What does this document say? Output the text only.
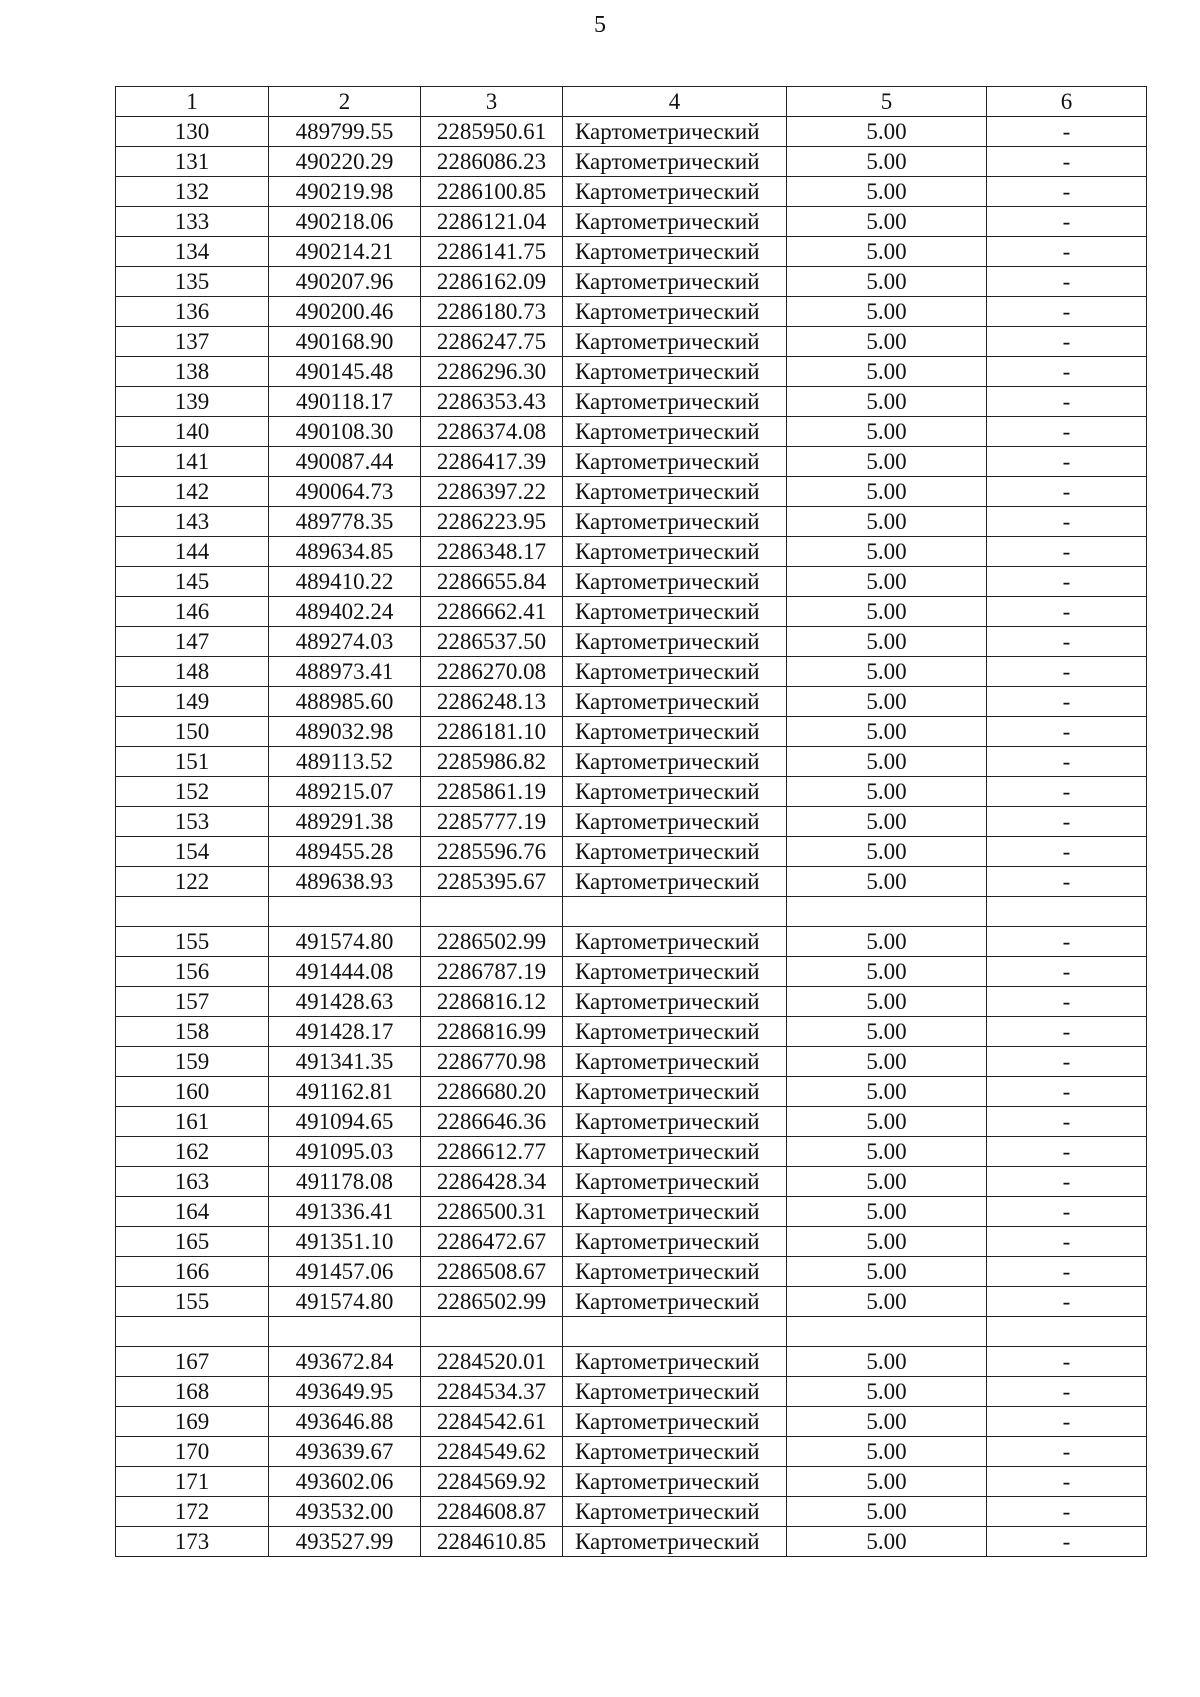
5
1	2	3	4	5	6
130	489799.55	2285950.61	Картометрический	5.00	-
131	490220.29	2286086.23	Картометрический	5.00	-
132	490219.98	2286100.85	Картометрический	5.00	-
133	490218.06	2286121.04	Картометрический	5.00	-
134	490214.21	2286141.75	Картометрический	5.00	-
135	490207.96	2286162.09	Картометрический	5.00	-
136	490200.46	2286180.73	Картометрический	5.00	-
137	490168.90	2286247.75	Картометрический	5.00	-
138	490145.48	2286296.30	Картометрический	5.00	-
139	490118.17	2286353.43	Картометрический	5.00	-
140	490108.30	2286374.08	Картометрический	5.00	-
141	490087.44	2286417.39	Картометрический	5.00	-
142	490064.73	2286397.22	Картометрический	5.00	-
143	489778.35	2286223.95	Картометрический	5.00	-
144	489634.85	2286348.17	Картометрический	5.00	-
145	489410.22	2286655.84	Картометрический	5.00	-
146	489402.24	2286662.41	Картометрический	5.00	-
147	489274.03	2286537.50	Картометрический	5.00	-
148	488973.41	2286270.08	Картометрический	5.00	-
149	488985.60	2286248.13	Картометрический	5.00	-
150	489032.98	2286181.10	Картометрический	5.00	-
151	489113.52	2285986.82	Картометрический	5.00	-
152	489215.07	2285861.19	Картометрический	5.00	-
153	489291.38	2285777.19	Картометрический	5.00	-
154	489455.28	2285596.76	Картометрический	5.00	-
122	489638.93	2285395.67	Картометрический	5.00	-

155	491574.80	2286502.99	Картометрический	5.00	-
156	491444.08	2286787.19	Картометрический	5.00	-
157	491428.63	2286816.12	Картометрический	5.00	-
158	491428.17	2286816.99	Картометрический	5.00	-
159	491341.35	2286770.98	Картометрический	5.00	-
160	491162.81	2286680.20	Картометрический	5.00	-
161	491094.65	2286646.36	Картометрический	5.00	-
162	491095.03	2286612.77	Картометрический	5.00	-
163	491178.08	2286428.34	Картометрический	5.00	-
164	491336.41	2286500.31	Картометрический	5.00	-
165	491351.10	2286472.67	Картометрический	5.00	-
166	491457.06	2286508.67	Картометрический	5.00	-
155	491574.80	2286502.99	Картометрический	5.00	-

167	493672.84	2284520.01	Картометрический	5.00	-
168	493649.95	2284534.37	Картометрический	5.00	-
169	493646.88	2284542.61	Картометрический	5.00	-
170	493639.67	2284549.62	Картометрический	5.00	-
171	493602.06	2284569.92	Картометрический	5.00	-
172	493532.00	2284608.87	Картометрический	5.00	-
173	493527.99	2284610.85	Картометрический	5.00	-
